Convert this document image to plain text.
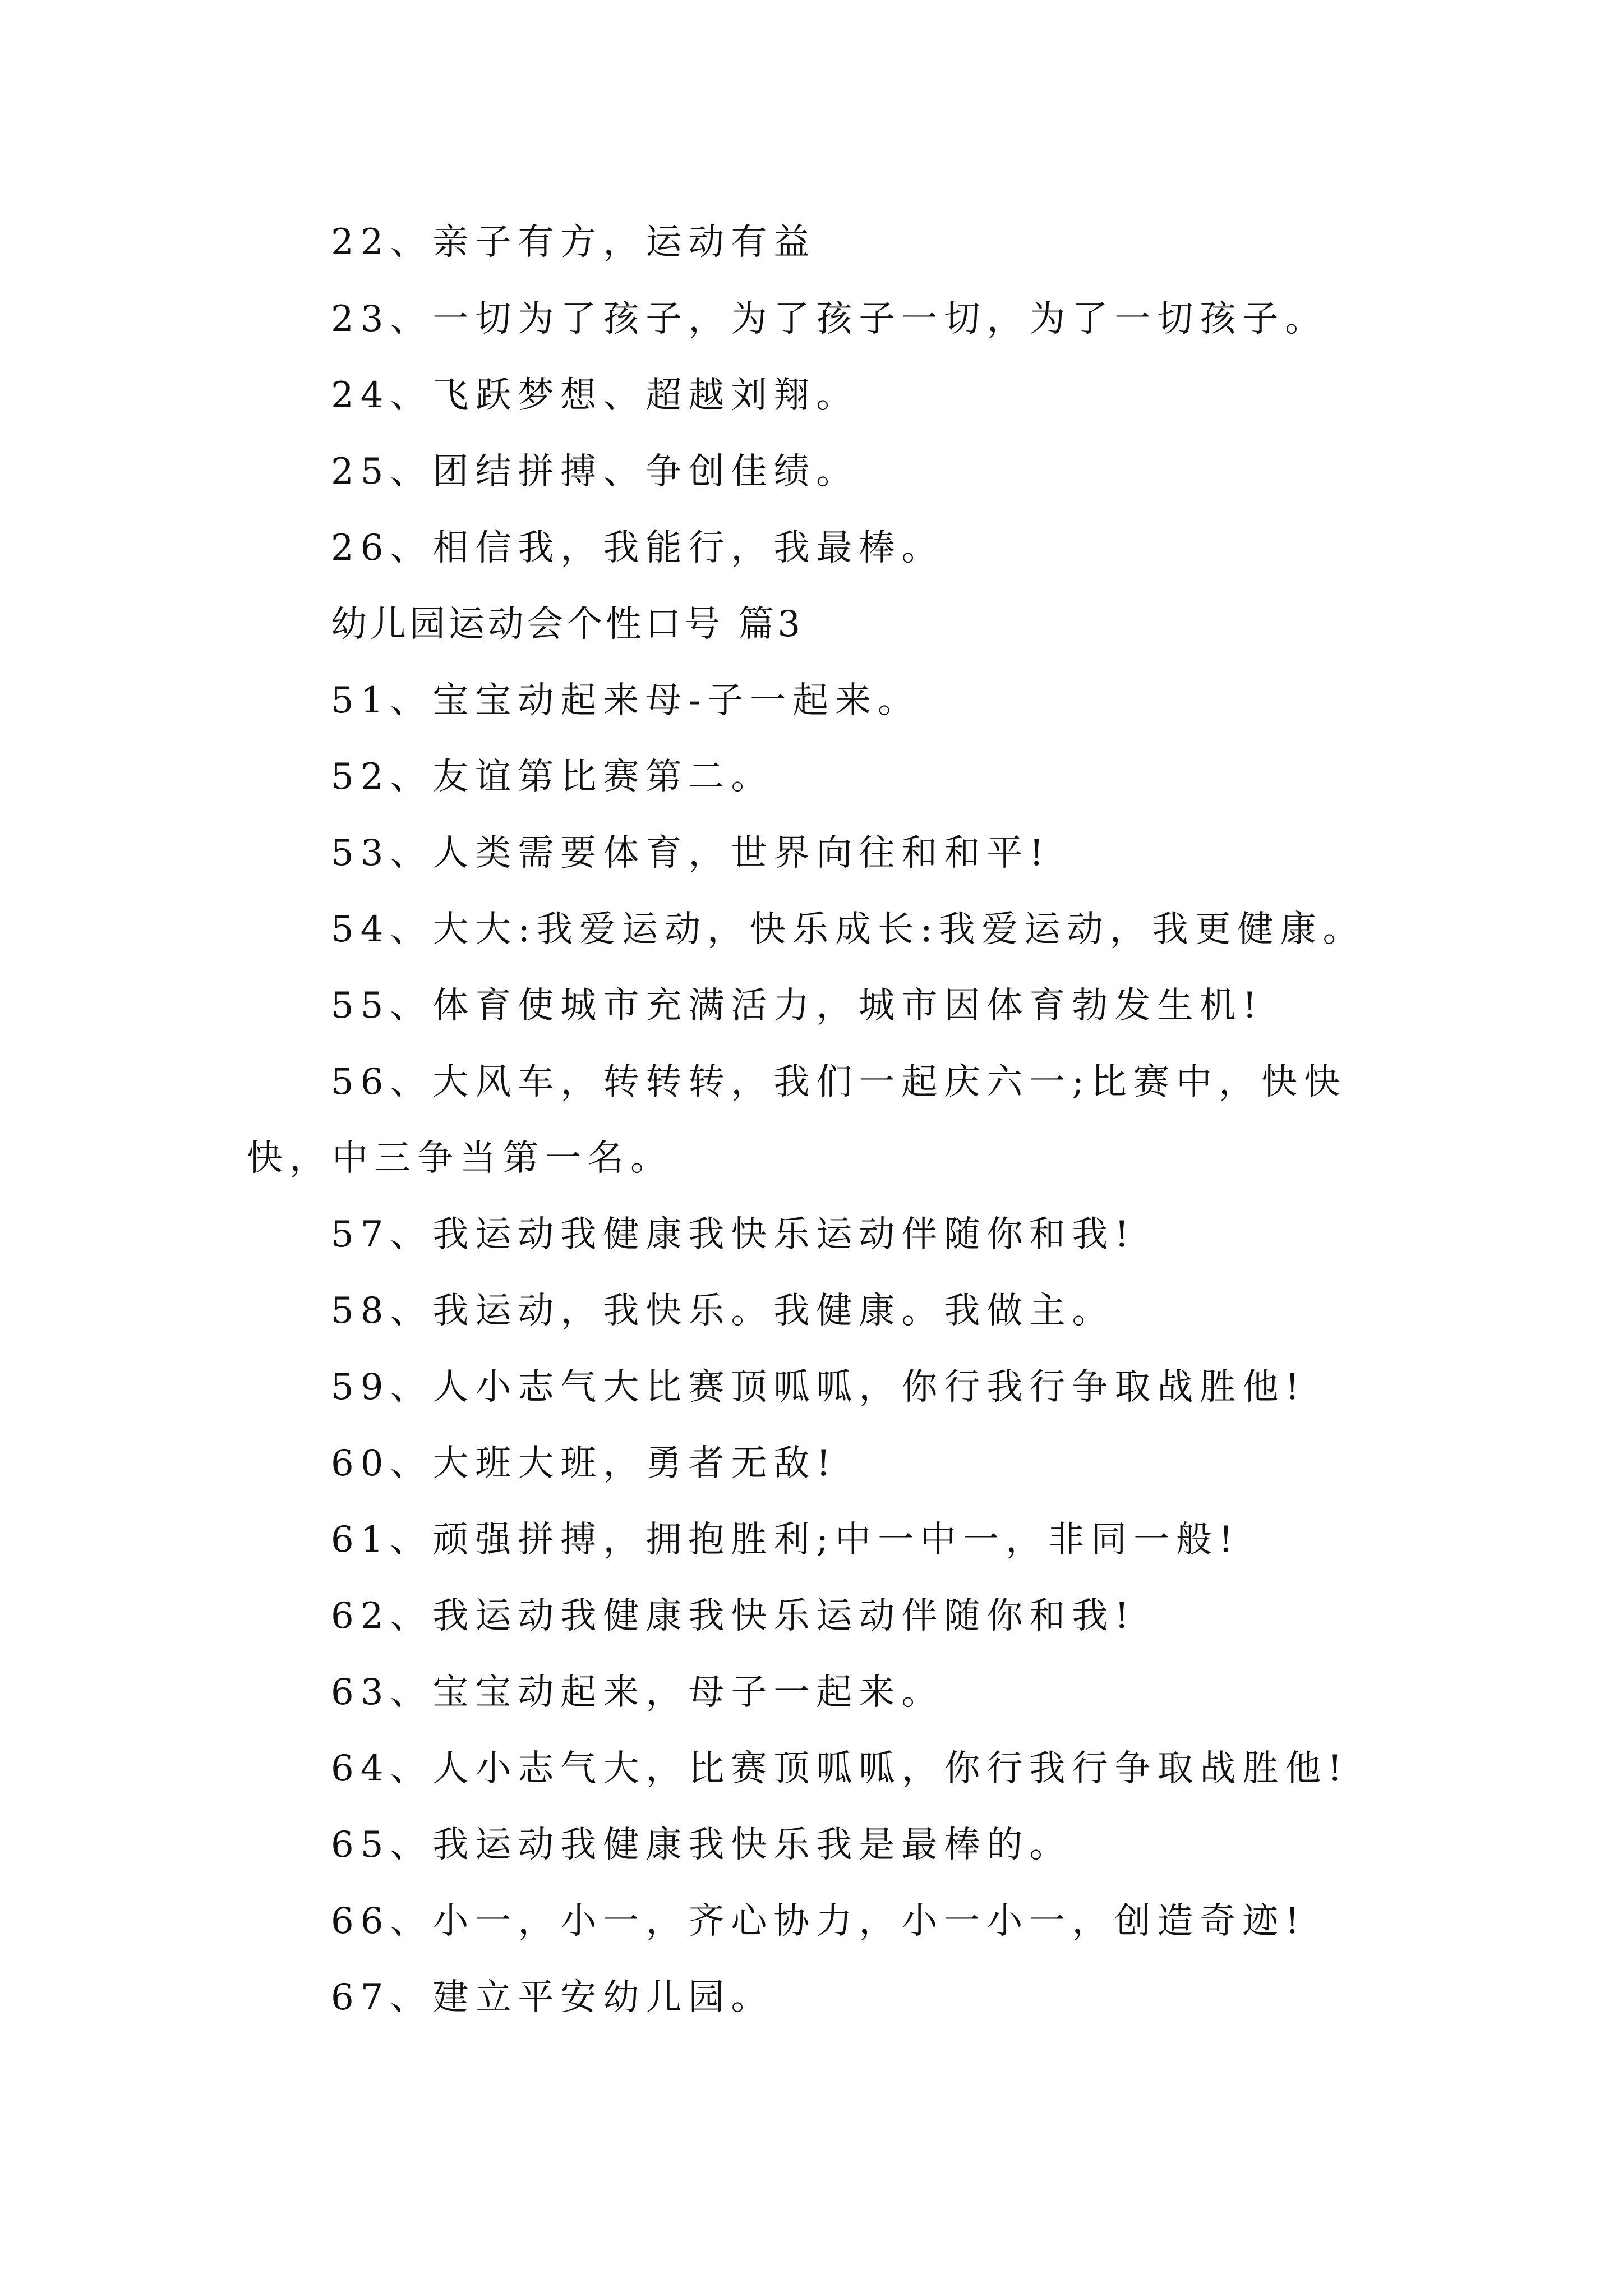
22、亲子有方，运动有益
23、一切为了孩子，为了孩子一切，为了一切孩子。
24、飞跃梦想、超越刘翔。
25、团结拼搏、争创佳绩。
26、相信我，我能行，我最棒。
幼儿园运动会个性口号 篇3
51、宝宝动起来母-子一起来。
52、友谊第比赛第二。
53、人类需要体育，世界向往和和平!
54、大大:我爱运动，快乐成长:我爱运动，我更健康。
55、体育使城市充满活力，城市因体育勃发生机!
56、大风车，转转转，我们一起庆六一;比赛中，快快
快，中三争当第一名。
57、我运动我健康我快乐运动伴随你和我!
58、我运动，我快乐。我健康。我做主。
59、人小志气大比赛顶呱呱，你行我行争取战胜他!
60、大班大班，勇者无敌!
61、顽强拼搏，拥抱胜利;中一中一，非同一般!
62、我运动我健康我快乐运动伴随你和我!
63、宝宝动起来，母子一起来。
64、人小志气大，比赛顶呱呱，你行我行争取战胜他!
65、我运动我健康我快乐我是最棒的。
66、小一，小一，齐心协力，小一小一，创造奇迹!
67、建立平安幼儿园。
